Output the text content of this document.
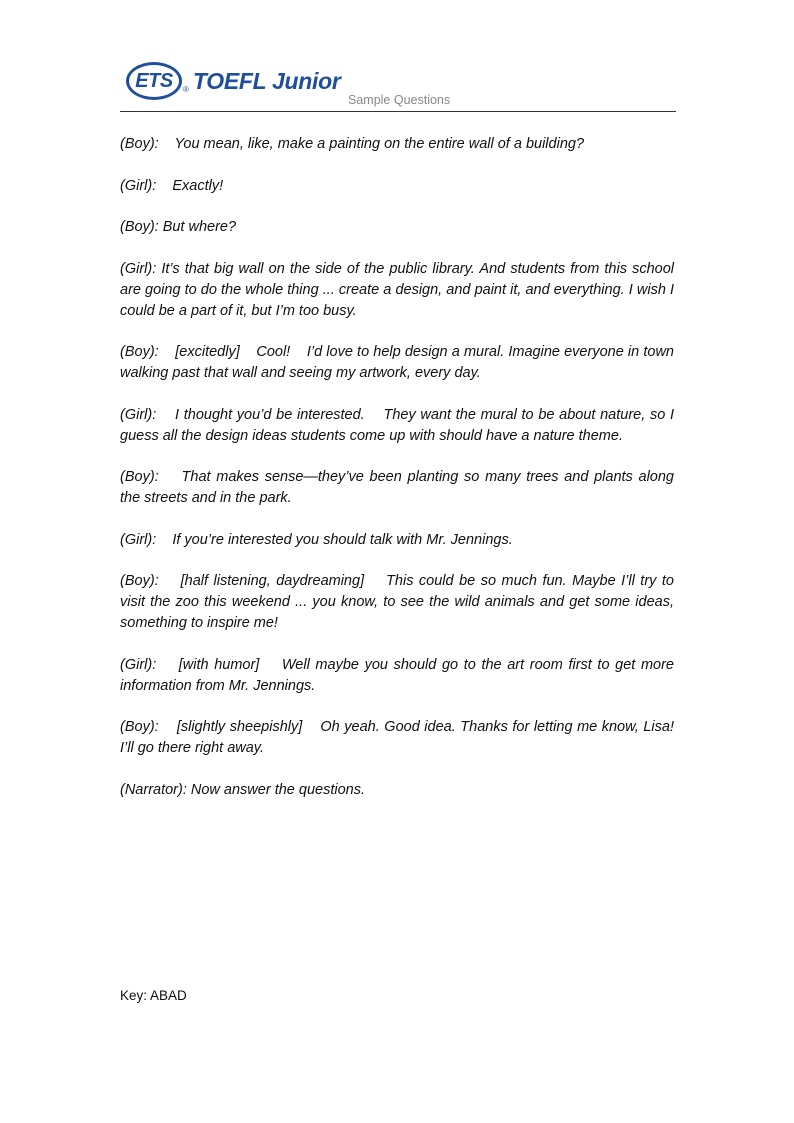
ETS ® TOEFL Junior
Sample Questions

(Boy):    You mean, like, make a painting on the entire wall of a building?

(Girl):    Exactly!

(Boy): But where?

(Girl): It’s that big wall on the side of the public library. And students from this school are going to do the whole thing ... create a design, and paint it, and everything. I wish I could be a part of it, but I’m too busy.

(Boy):    [excitedly]    Cool!    I’d love to help design a mural. Imagine everyone in town walking past that wall and seeing my artwork, every day.

(Girl):    I thought you’d be interested.    They want the mural to be about nature, so I guess all the design ideas students come up with should have a nature theme.

(Boy):    That makes sense—they’ve been planting so many trees and plants along the streets and in the park.

(Girl):    If you’re interested you should talk with Mr. Jennings.

(Boy):    [half listening, daydreaming]    This could be so much fun. Maybe I’ll try to visit the zoo this weekend ... you know, to see the wild animals and get some ideas, something to inspire me!

(Girl):    [with humor]    Well maybe you should go to the art room first to get more information from Mr. Jennings.

(Boy):    [slightly sheepishly]    Oh yeah. Good idea. Thanks for letting me know, Lisa! I’ll go there right away.

(Narrator): Now answer the questions.

Key: ABAD
